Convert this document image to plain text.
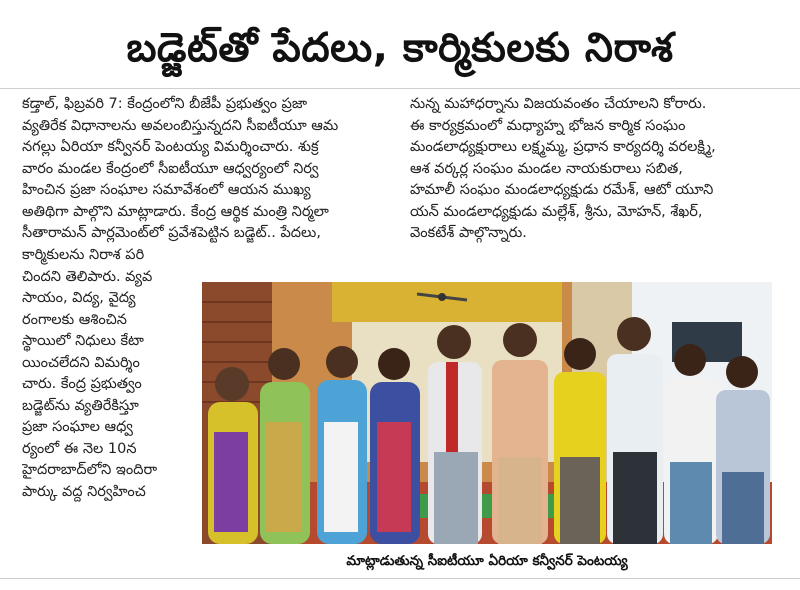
బడ్జెట్‌తో పేదలు, కార్మికులకు నిరాశ
కడ్తాల్, ఫిబ్రవరి 7: కేంద్రంలోని బీజేపీ ప్రభుత్వం ప్రజా
వ్యతిరేక విధానాలను అవలంబిస్తున్నదని సీఐటీయూ ఆమ
నగల్లు ఏరియా కన్వీనర్ పెంటయ్య విమర్శించారు. శుక్ర
వారం మండల కేంద్రంలో సీఐటీయూ ఆధ్వర్యంలో నిర్వ
హించిన ప్రజా సంఘాల సమావేశంలో ఆయన ముఖ్య
అతిథిగా పాల్గొని మాట్లాడారు. కేంద్ర ఆర్థిక మంత్రి నిర్మలా
సీతారామన్ పార్లమెంట్‌లో ప్రవేశపెట్టిన బడ్జెట్.. పేదలు,
నున్న మహాధర్నాను విజయవంతం చేయాలని కోరారు.
ఈ కార్యక్రమంలో మధ్యాహ్న భోజన కార్మిక సంఘం
మండలాధ్యక్షురాలు లక్ష్మమ్మ, ప్రధాన కార్యదర్శి వరలక్ష్మి,
ఆశ వర్కర్ల సంఘం మండల నాయకురాలు సబిత,
హమాలీ సంఘం మండలాధ్యక్షుడు రమేశ్, ఆటో యూని
యన్ మండలాధ్యక్షుడు మల్లేశ్, శ్రీను, మోహన్, శేఖర్,
వెంకటేశ్ పాల్గొన్నారు.
కార్మికులను నిరాశ పరి
చిందని తెలిపారు. వ్యవ
సాయం, విద్య, వైద్య
రంగాలకు ఆశించిన
స్థాయిలో నిధులు కేటా
యించలేదని విమర్శిం
చారు. కేంద్ర ప్రభుత్వం
బడ్జెట్‌ను వ్యతిరేకిస్తూ
ప్రజా సంఘాల ఆధ్వ
ర్యంలో ఈ నెల 10న
హైదరాబాద్‌లోని ఇందిరా
పార్కు వద్ద నిర్వహించ
మాట్లాడుతున్న సీఐటీయూ ఏరియా కన్వీనర్ పెంటయ్య
